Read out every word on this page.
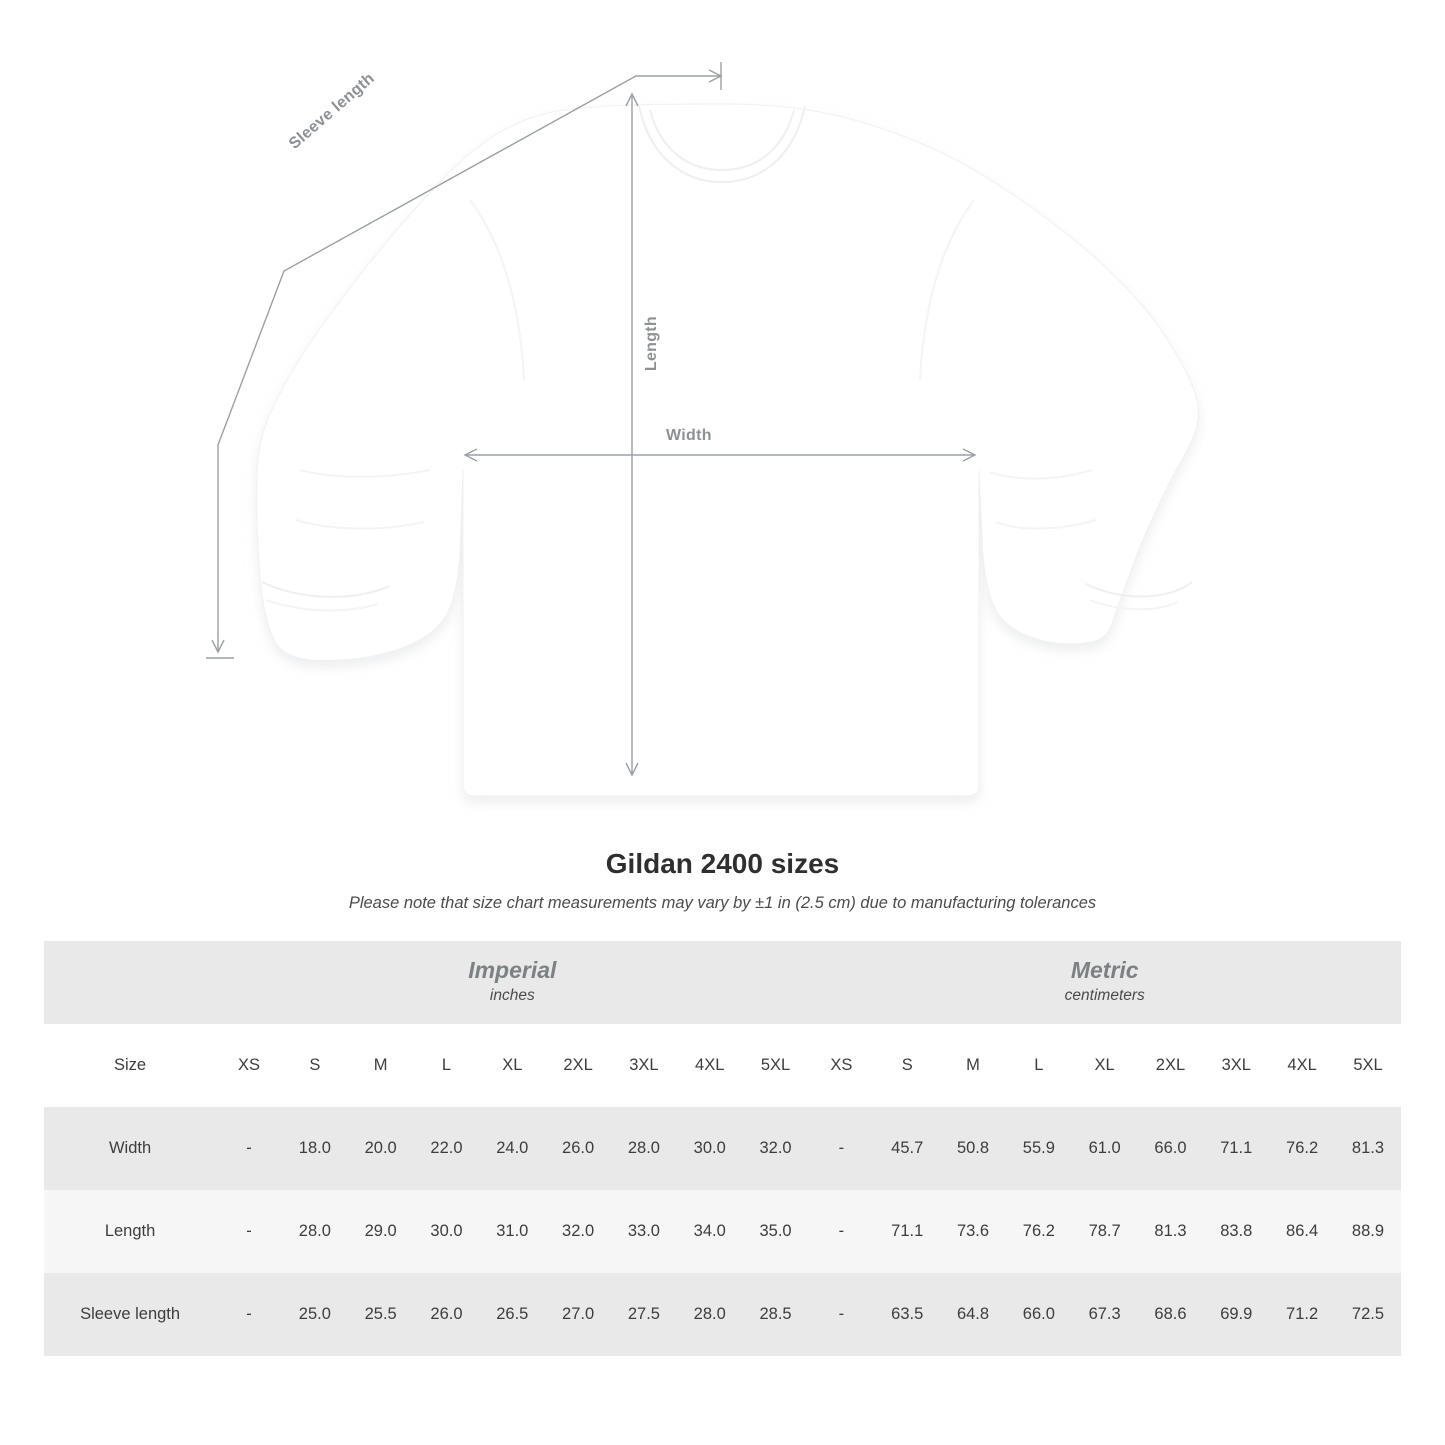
Width
Length
Sleeve length
Gildan 2400 sizes

Please note that size chart measurements may vary by ±1 in (2.5 cm) due to manufacturing tolerances

	Imperial
inches									Metric
centimeters								

Size	XS	S	M	L	XL	2XL	3XL	4XL	5XL	XS	S	M	L	XL	2XL	3XL	4XL	5XL
Width	-	18.0	20.0	22.0	24.0	26.0	28.0	30.0	32.0	-	45.7	50.8	55.9	61.0	66.0	71.1	76.2	81.3
Length	-	28.0	29.0	30.0	31.0	32.0	33.0	34.0	35.0	-	71.1	73.6	76.2	78.7	81.3	83.8	86.4	88.9
Sleeve length	-	25.0	25.5	26.0	26.5	27.0	27.5	28.0	28.5	-	63.5	64.8	66.0	67.3	68.6	69.9	71.2	72.5
